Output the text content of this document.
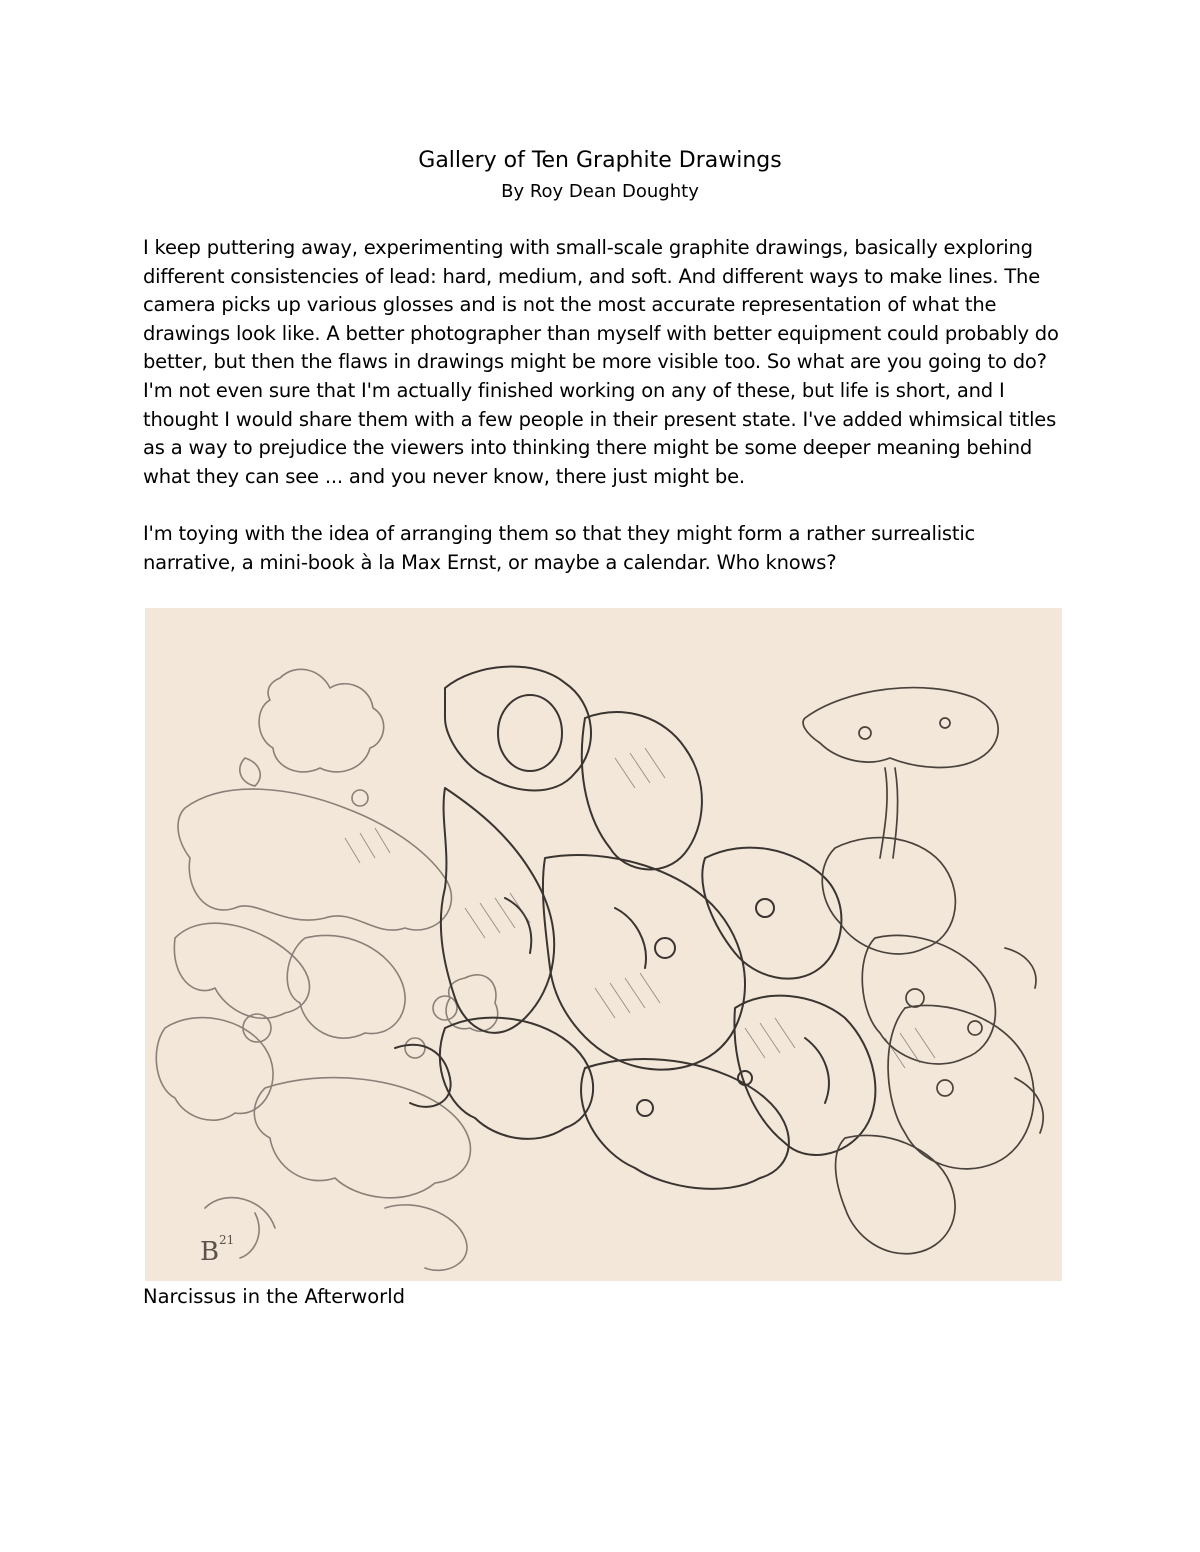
Gallery of Ten Graphite Drawings

By Roy Dean Doughty

I keep puttering away, experimenting with small-scale graphite drawings, basically exploring different consistencies of lead: hard, medium, and soft. And different ways to make lines. The camera picks up various glosses and is not the most accurate representation of what the drawings look like. A better photographer than myself with better equipment could probably do better, but then the flaws in drawings might be more visible too. So what are you going to do? I'm not even sure that I'm actually finished working on any of these, but life is short, and I thought I would share them with a few people in their present state. I've added whimsical titles as a way to prejudice the viewers into thinking there might be some deeper meaning behind what they can see ... and you never know, there just might be.

I'm toying with the idea of arranging them so that they might form a rather surrealistic narrative, a mini-book à la Max Ernst, or maybe a calendar. Who knows?

B 21

Narcissus in the Afterworld
